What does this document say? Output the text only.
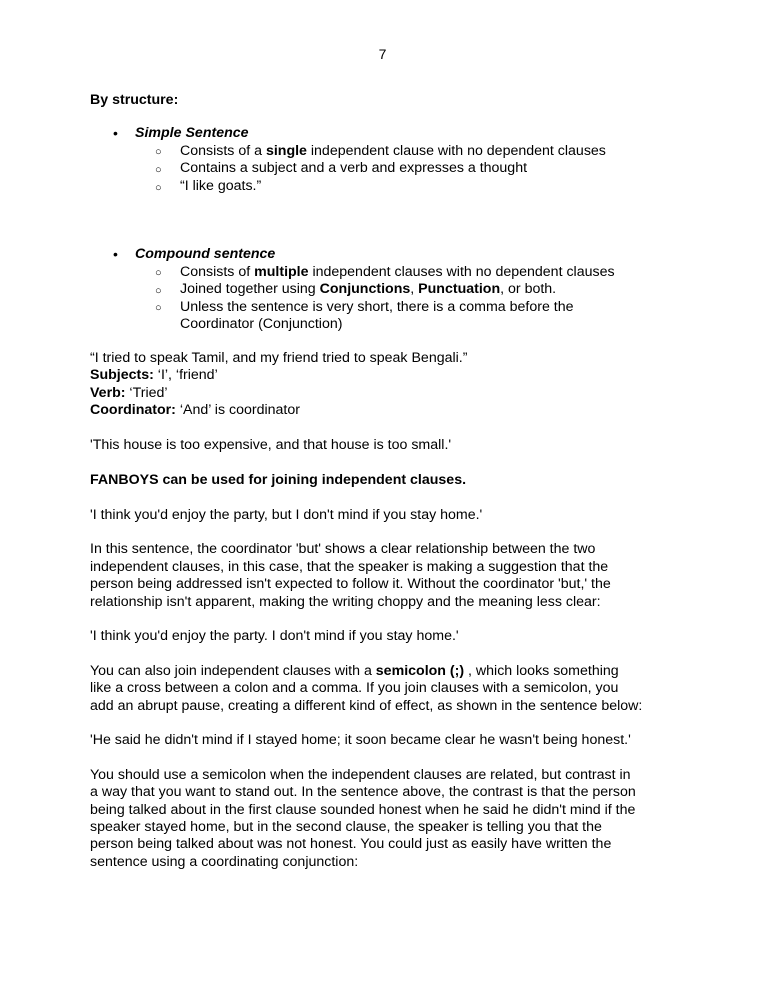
7
By structure:
• Simple Sentence
○ Consists of a single independent clause with no dependent clauses
○ Contains a subject and a verb and expresses a thought
○ “I like goats.”
• Compound sentence
○ Consists of multiple independent clauses with no dependent clauses
○ Joined together using Conjunctions, Punctuation, or both.
○ Unless the sentence is very short, there is a comma before the
Coordinator (Conjunction)
“I tried to speak Tamil, and my friend tried to speak Bengali.”
Subjects: ‘I’, ‘friend’
Verb: ‘Tried’
Coordinator: ‘And’ is coordinator
'This house is too expensive, and that house is too small.'
FANBOYS can be used for joining independent clauses.
'I think you'd enjoy the party, but I don't mind if you stay home.'
In this sentence, the coordinator 'but' shows a clear relationship between the two
independent clauses, in this case, that the speaker is making a suggestion that the
person being addressed isn't expected to follow it. Without the coordinator 'but,' the
relationship isn't apparent, making the writing choppy and the meaning less clear:
'I think you'd enjoy the party. I don't mind if you stay home.'
You can also join independent clauses with a semicolon (;) , which looks something
like a cross between a colon and a comma. If you join clauses with a semicolon, you
add an abrupt pause, creating a different kind of effect, as shown in the sentence below:
'He said he didn't mind if I stayed home; it soon became clear he wasn't being honest.'
You should use a semicolon when the independent clauses are related, but contrast in
a way that you want to stand out. In the sentence above, the contrast is that the person
being talked about in the first clause sounded honest when he said he didn't mind if the
speaker stayed home, but in the second clause, the speaker is telling you that the
person being talked about was not honest. You could just as easily have written the
sentence using a coordinating conjunction:
